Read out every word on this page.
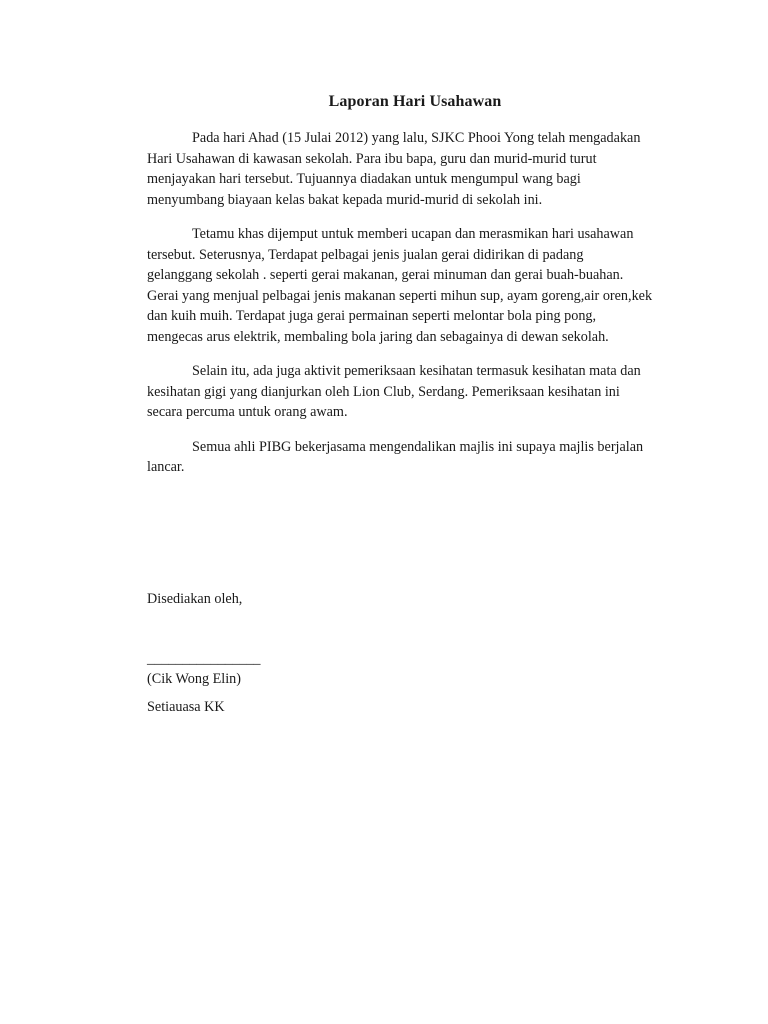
Laporan Hari Usahawan

Pada hari Ahad (15 Julai 2012) yang lalu, SJKC Phooi Yong telah mengadakan
Hari Usahawan di kawasan sekolah. Para ibu bapa, guru dan murid-murid turut
menjayakan hari tersebut. Tujuannya diadakan untuk mengumpul wang bagi
menyumbang biayaan kelas bakat kepada murid-murid di sekolah ini.

Tetamu khas dijemput untuk memberi ucapan dan merasmikan hari usahawan
tersebut. Seterusnya, Terdapat pelbagai jenis jualan gerai didirikan di padang
gelanggang sekolah . seperti gerai makanan, gerai minuman dan gerai buah-buahan.
Gerai yang menjual pelbagai jenis makanan seperti mihun sup, ayam goreng,air oren,kek
dan kuih muih. Terdapat juga gerai permainan seperti melontar bola ping pong,
mengecas arus elektrik, membaling bola jaring dan sebagainya di dewan sekolah.

Selain itu, ada juga aktivit pemeriksaan kesihatan termasuk kesihatan mata dan
kesihatan gigi yang dianjurkan oleh Lion Club, Serdang. Pemeriksaan kesihatan ini
secara percuma untuk orang awam.

Semua ahli PIBG bekerjasama mengendalikan majlis ini supaya majlis berjalan
lancar.

Disediakan oleh,
________________
(Cik Wong Elin)
Setiauasa KK
